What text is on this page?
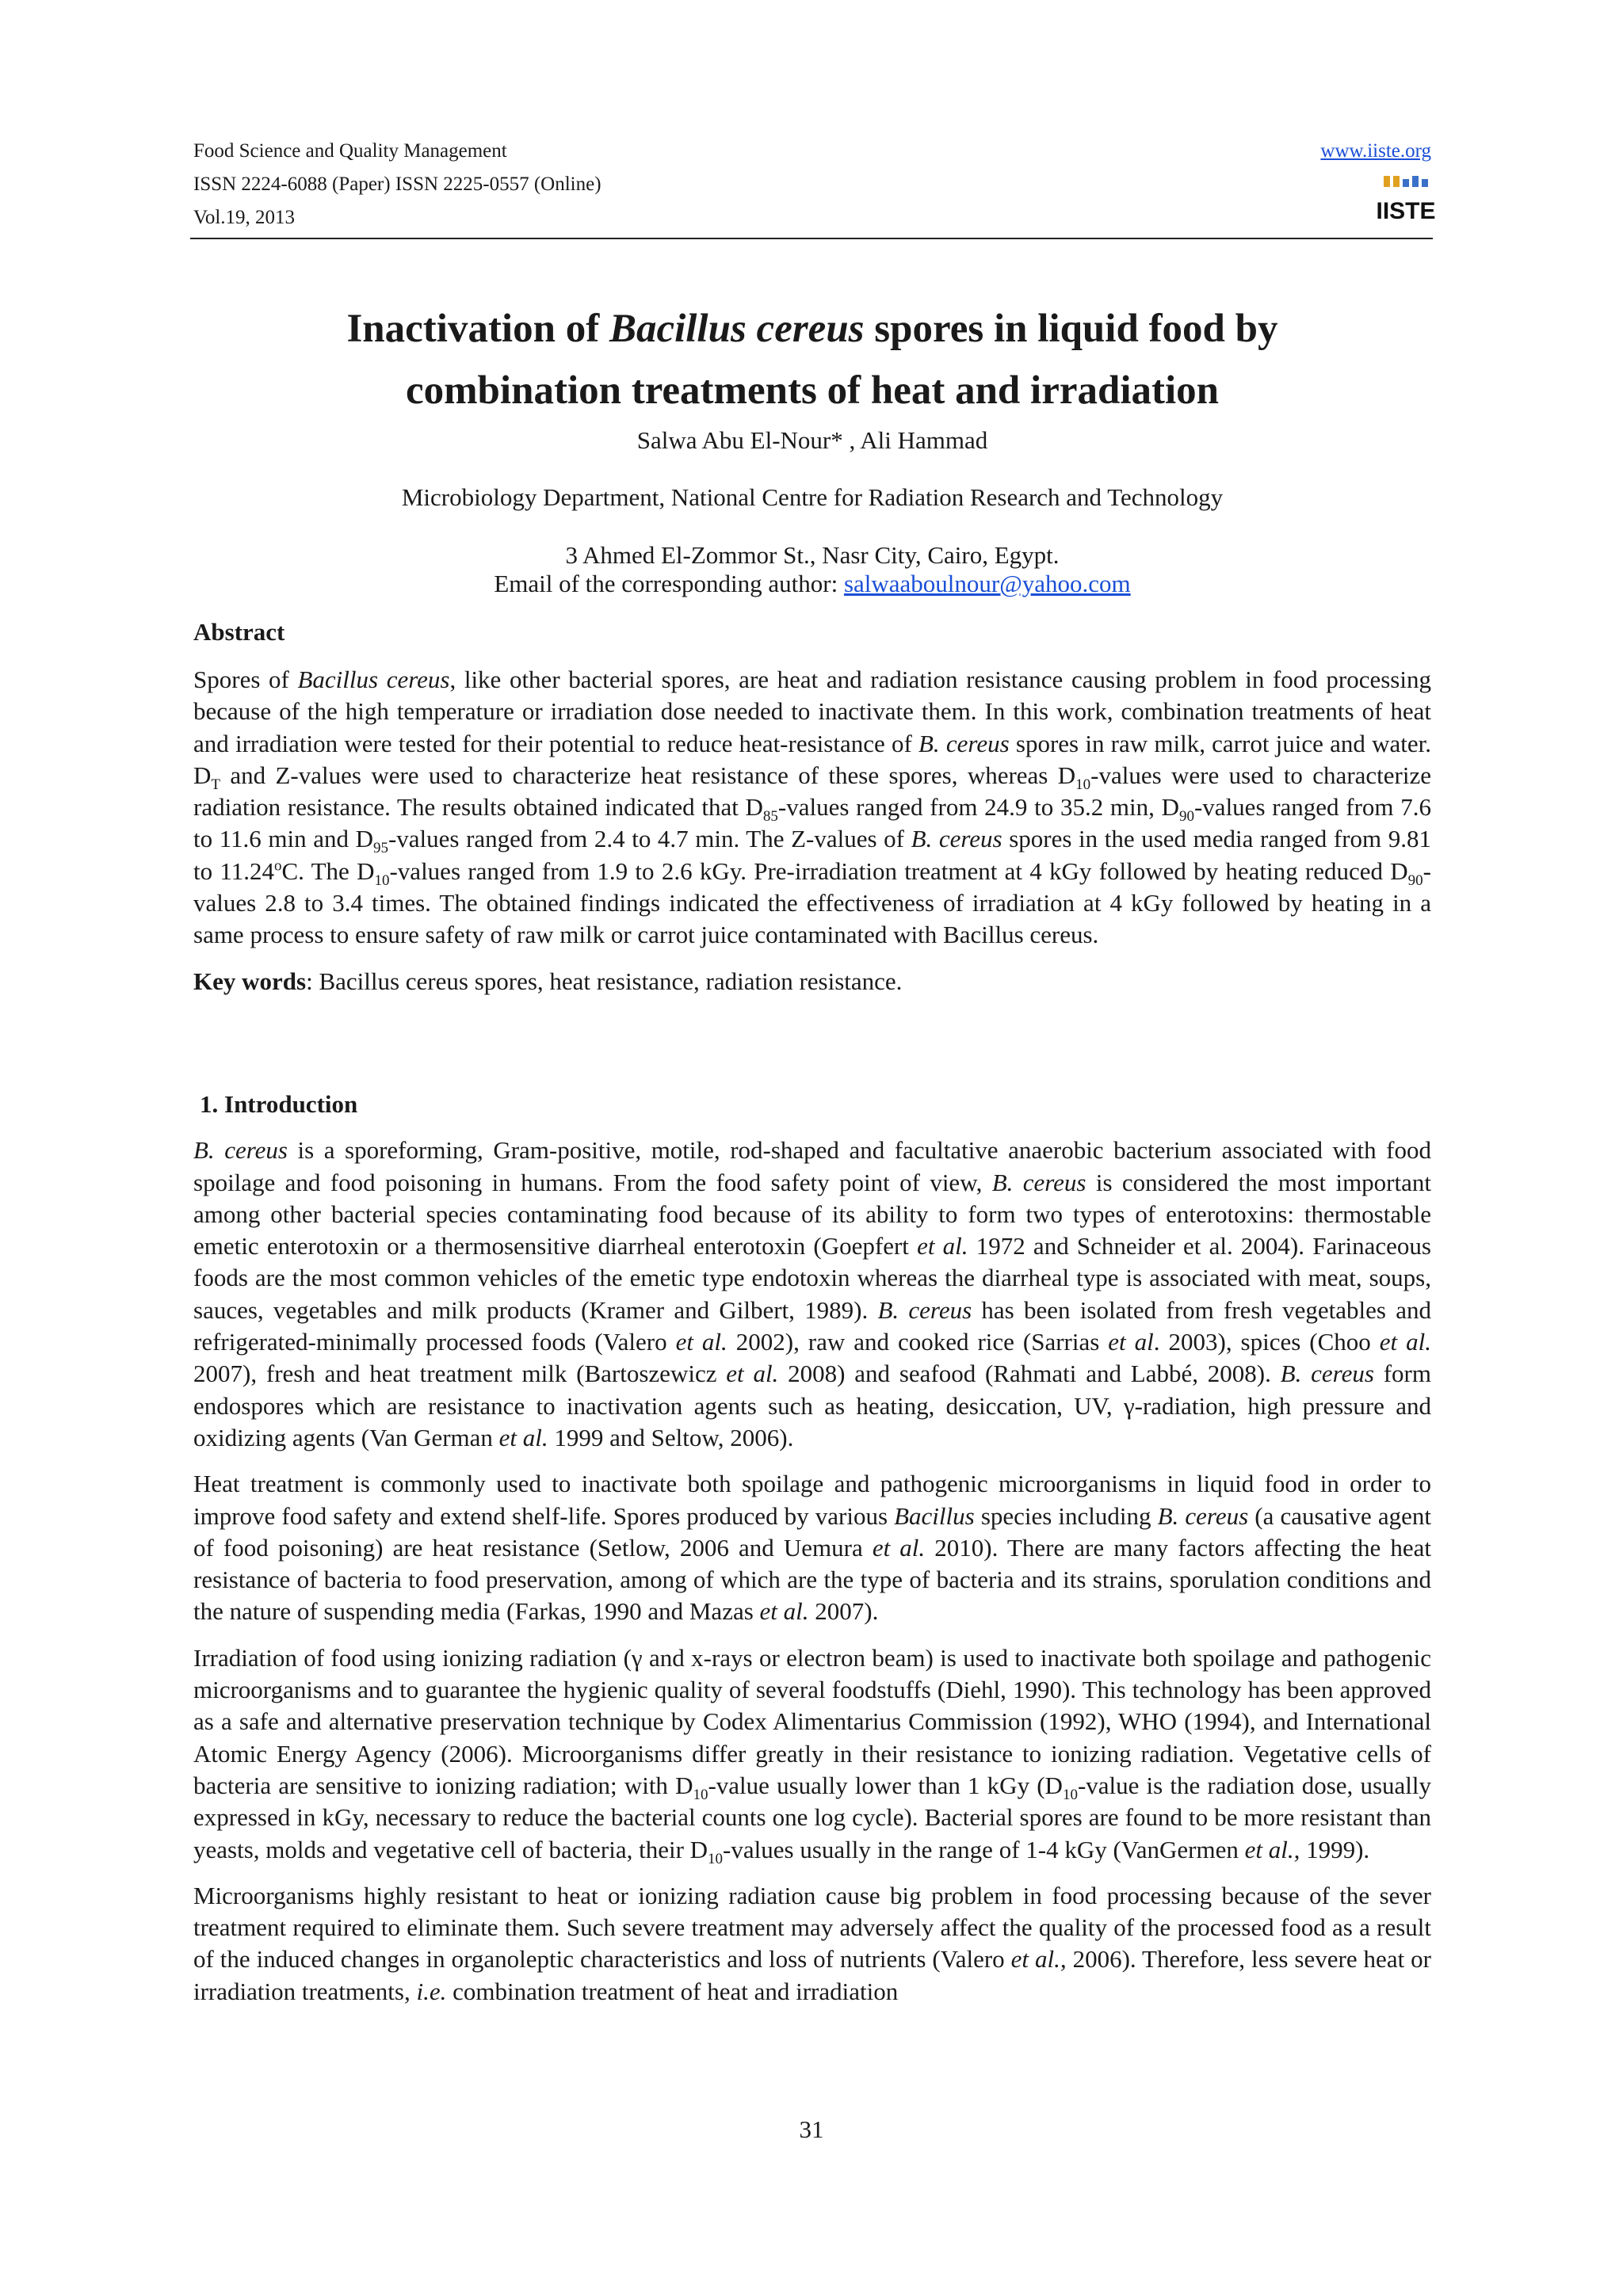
Food Science and Quality Management
ISSN 2224-6088 (Paper) ISSN 2225-0557 (Online)
Vol.19, 2013
www.iiste.org
IISTE
Inactivation of Bacillus cereus spores in liquid food by
combination treatments of heat and irradiation
Salwa Abu El-Nour* , Ali Hammad
Microbiology Department, National Centre for Radiation Research and Technology
3 Ahmed El-Zommor St., Nasr City, Cairo, Egypt.
Email of the corresponding author: salwaaboulnour@yahoo.com
Abstract

Spores of Bacillus cereus, like other bacterial spores, are heat and radiation resistance causing problem in food processing because of the high temperature or irradiation dose needed to inactivate them. In this work, combination treatments of heat and irradiation were tested for their potential to reduce heat-resistance of B. cereus spores in raw milk, carrot juice and water. $D_T$ and Z-values were used to characterize heat resistance of these spores, whereas $D_{10}$-values were used to characterize radiation resistance. The results obtained indicated that $D_{85}$-values ranged from 24.9 to 35.2 min, $D_{90}$-values ranged from 7.6 to 11.6 min and $D_{95}$-values ranged from 2.4 to 4.7 min. The Z-values of B. cereus spores in the used media ranged from 9.81 to 11.24$^o$C. The $D_{10}$-values ranged from 1.9 to 2.6 kGy. Pre-irradiation treatment at 4 kGy followed by heating reduced $D_{90}$-values 2.8 to 3.4 times. The obtained findings indicated the effectiveness of irradiation at 4 kGy followed by heating in a same process to ensure safety of raw milk or carrot juice contaminated with Bacillus cereus.

Key words: Bacillus cereus spores, heat resistance, radiation resistance.

1. Introduction

B. cereus is a sporeforming, Gram-positive, motile, rod-shaped and facultative anaerobic bacterium associated with food spoilage and food poisoning in humans. From the food safety point of view, B. cereus is considered the most important among other bacterial species contaminating food because of its ability to form two types of enterotoxins: thermostable emetic enterotoxin or a thermosensitive diarrheal enterotoxin (Goepfert et al. 1972 and Schneider et al. 2004). Farinaceous foods are the most common vehicles of the emetic type endotoxin whereas the diarrheal type is associated with meat, soups, sauces, vegetables and milk products (Kramer and Gilbert, 1989). B. cereus has been isolated from fresh vegetables and refrigerated-minimally processed foods (Valero et al. 2002), raw and cooked rice (Sarrias et al. 2003), spices (Choo et al. 2007), fresh and heat treatment milk (Bartoszewicz et al. 2008) and seafood (Rahmati and Labbé, 2008). B. cereus form endospores which are resistance to inactivation agents such as heating, desiccation, UV, γ-radiation, high pressure and oxidizing agents (Van German et al. 1999 and Seltow, 2006).

Heat treatment is commonly used to inactivate both spoilage and pathogenic microorganisms in liquid food in order to improve food safety and extend shelf-life. Spores produced by various Bacillus species including B. cereus (a causative agent of food poisoning) are heat resistance (Setlow, 2006 and Uemura et al. 2010). There are many factors affecting the heat resistance of bacteria to food preservation, among of which are the type of bacteria and its strains, sporulation conditions and the nature of suspending media (Farkas, 1990 and Mazas et al. 2007).

Irradiation of food using ionizing radiation (γ and x-rays or electron beam) is used to inactivate both spoilage and pathogenic microorganisms and to guarantee the hygienic quality of several foodstuffs (Diehl, 1990). This technology has been approved as a safe and alternative preservation technique by Codex Alimentarius Commission (1992), WHO (1994), and International Atomic Energy Agency (2006). Microorganisms differ greatly in their resistance to ionizing radiation. Vegetative cells of bacteria are sensitive to ionizing radiation; with $D_{10}$-value usually lower than 1 kGy ($D_{10}$-value is the radiation dose, usually expressed in kGy, necessary to reduce the bacterial counts one log cycle). Bacterial spores are found to be more resistant than yeasts, molds and vegetative cell of bacteria, their $D_{10}$-values usually in the range of 1-4 kGy (VanGermen et al., 1999).

Microorganisms highly resistant to heat or ionizing radiation cause big problem in food processing because of the sever treatment required to eliminate them. Such severe treatment may adversely affect the quality of the processed food as a result of the induced changes in organoleptic characteristics and loss of nutrients (Valero et al., 2006). Therefore, less severe heat or irradiation treatments, i.e. combination treatment of heat and irradiation

31
